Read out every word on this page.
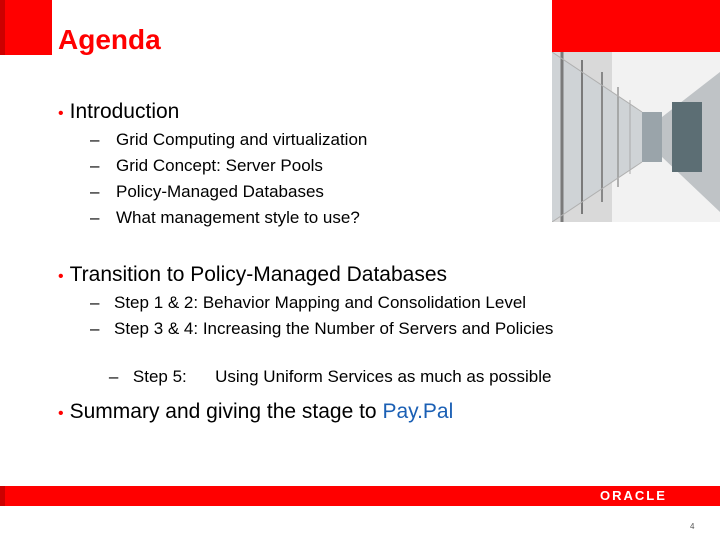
Agenda

• Introduction

– Grid Computing and virtualization

– Grid Concept: Server Pools

– Policy-Managed Databases

– What management style to use?

• Transition to Policy-Managed Databases

– Step 1 & 2: Behavior Mapping and Consolidation Level

– Step 3 & 4: Increasing the Number of Servers and Policies

– Step 5:      Using Uniform Services as much as possible

• Summary and giving the stage to Pay.Pal

ORACLE
4
